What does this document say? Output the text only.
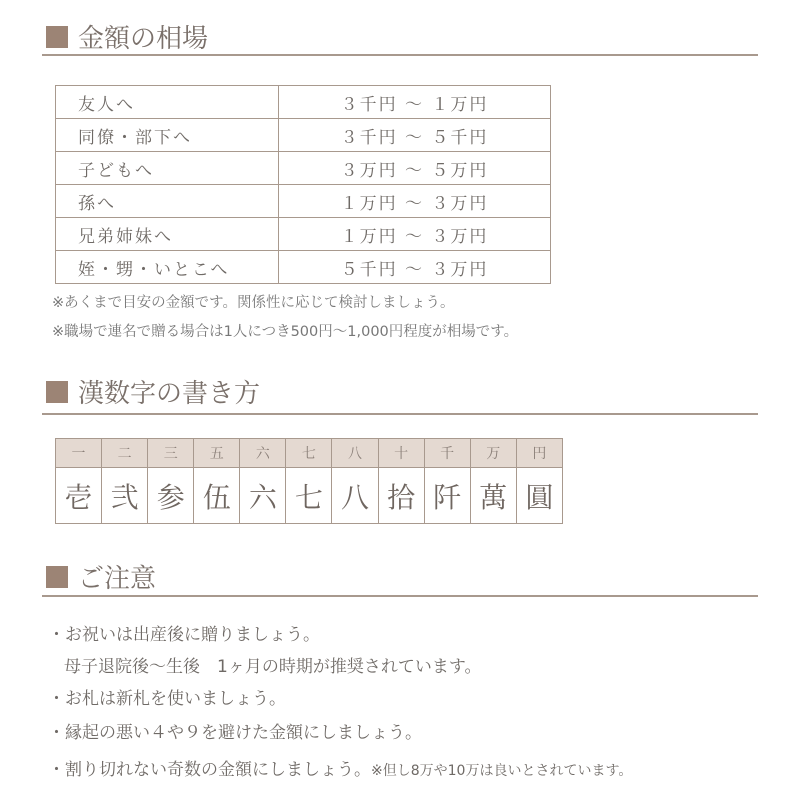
金額の相場
友人へ	３千円 ～ １万円
同僚・部下へ	３千円 ～ ５千円
子どもへ	３万円 ～ ５万円
孫へ	１万円 ～ ３万円
兄弟姉妹へ	１万円 ～ ３万円
姪・甥・いとこへ	５千円 ～ ３万円
※あくまで目安の金額です。関係性に応じて検討しましょう。
※職場で連名で贈る場合は1人につき500円～1,000円程度が相場です。
漢数字の書き方
一	二	三	五	六	七	八	十	千	万	円
壱	弐	参	伍	六	七	八	拾	阡	萬	圓
ご注意
・お祝いは出産後に贈りましょう。
母子退院後～生後　1ヶ月の時期が推奨されています。
・お札は新札を使いましょう。
・縁起の悪い４や９を避けた金額にしましょう。
・割り切れない奇数の金額にしましょう。※但し8万や10万は良いとされています。
